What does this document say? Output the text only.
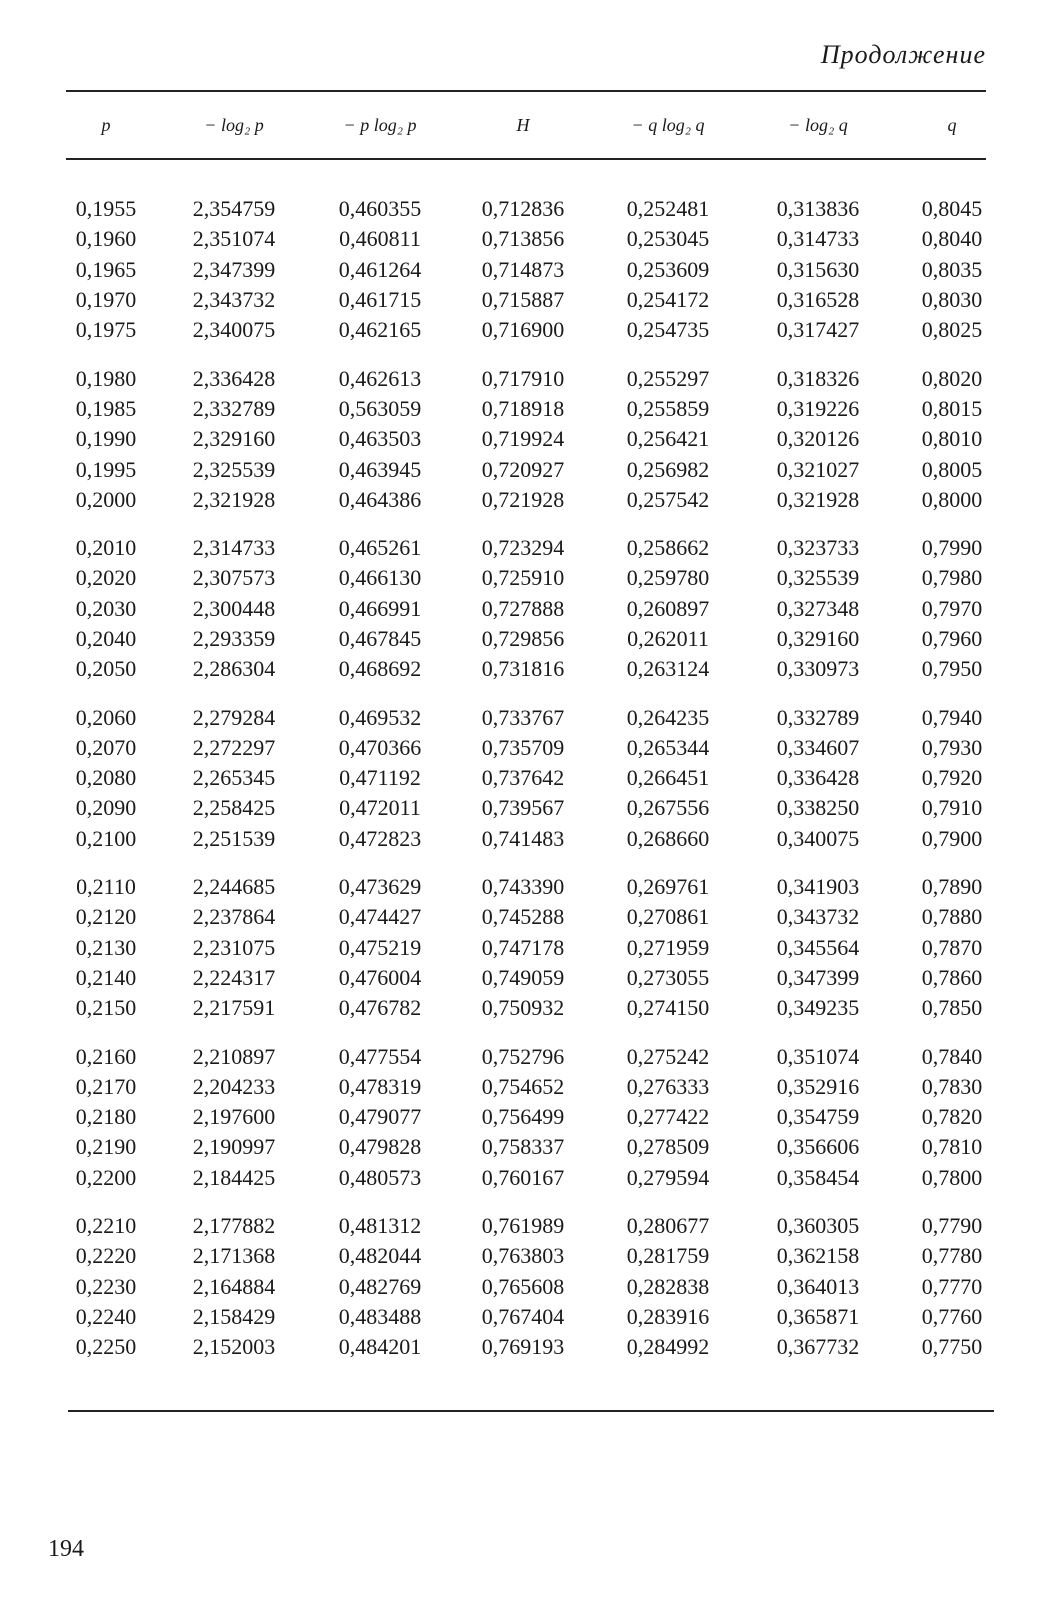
Продолжение
p	− log₂ p	− p log₂ p	H	− q log₂ q	− log₂ q	q
0,1955	2,354759	0,460355	0,712836	0,252481	0,313836	0,8045
0,1960	2,351074	0,460811	0,713856	0,253045	0,314733	0,8040
0,1965	2,347399	0,461264	0,714873	0,253609	0,315630	0,8035
0,1970	2,343732	0,461715	0,715887	0,254172	0,316528	0,8030
0,1975	2,340075	0,462165	0,716900	0,254735	0,317427	0,8025

0,1980	2,336428	0,462613	0,717910	0,255297	0,318326	0,8020
0,1985	2,332789	0,563059	0,718918	0,255859	0,319226	0,8015
0,1990	2,329160	0,463503	0,719924	0,256421	0,320126	0,8010
0,1995	2,325539	0,463945	0,720927	0,256982	0,321027	0,8005
0,2000	2,321928	0,464386	0,721928	0,257542	0,321928	0,8000

0,2010	2,314733	0,465261	0,723294	0,258662	0,323733	0,7990
0,2020	2,307573	0,466130	0,725910	0,259780	0,325539	0,7980
0,2030	2,300448	0,466991	0,727888	0,260897	0,327348	0,7970
0,2040	2,293359	0,467845	0,729856	0,262011	0,329160	0,7960
0,2050	2,286304	0,468692	0,731816	0,263124	0,330973	0,7950

0,2060	2,279284	0,469532	0,733767	0,264235	0,332789	0,7940
0,2070	2,272297	0,470366	0,735709	0,265344	0,334607	0,7930
0,2080	2,265345	0,471192	0,737642	0,266451	0,336428	0,7920
0,2090	2,258425	0,472011	0,739567	0,267556	0,338250	0,7910
0,2100	2,251539	0,472823	0,741483	0,268660	0,340075	0,7900

0,2110	2,244685	0,473629	0,743390	0,269761	0,341903	0,7890
0,2120	2,237864	0,474427	0,745288	0,270861	0,343732	0,7880
0,2130	2,231075	0,475219	0,747178	0,271959	0,345564	0,7870
0,2140	2,224317	0,476004	0,749059	0,273055	0,347399	0,7860
0,2150	2,217591	0,476782	0,750932	0,274150	0,349235	0,7850

0,2160	2,210897	0,477554	0,752796	0,275242	0,351074	0,7840
0,2170	2,204233	0,478319	0,754652	0,276333	0,352916	0,7830
0,2180	2,197600	0,479077	0,756499	0,277422	0,354759	0,7820
0,2190	2,190997	0,479828	0,758337	0,278509	0,356606	0,7810
0,2200	2,184425	0,480573	0,760167	0,279594	0,358454	0,7800

0,2210	2,177882	0,481312	0,761989	0,280677	0,360305	0,7790
0,2220	2,171368	0,482044	0,763803	0,281759	0,362158	0,7780
0,2230	2,164884	0,482769	0,765608	0,282838	0,364013	0,7770
0,2240	2,158429	0,483488	0,767404	0,283916	0,365871	0,7760
0,2250	2,152003	0,484201	0,769193	0,284992	0,367732	0,7750
194
